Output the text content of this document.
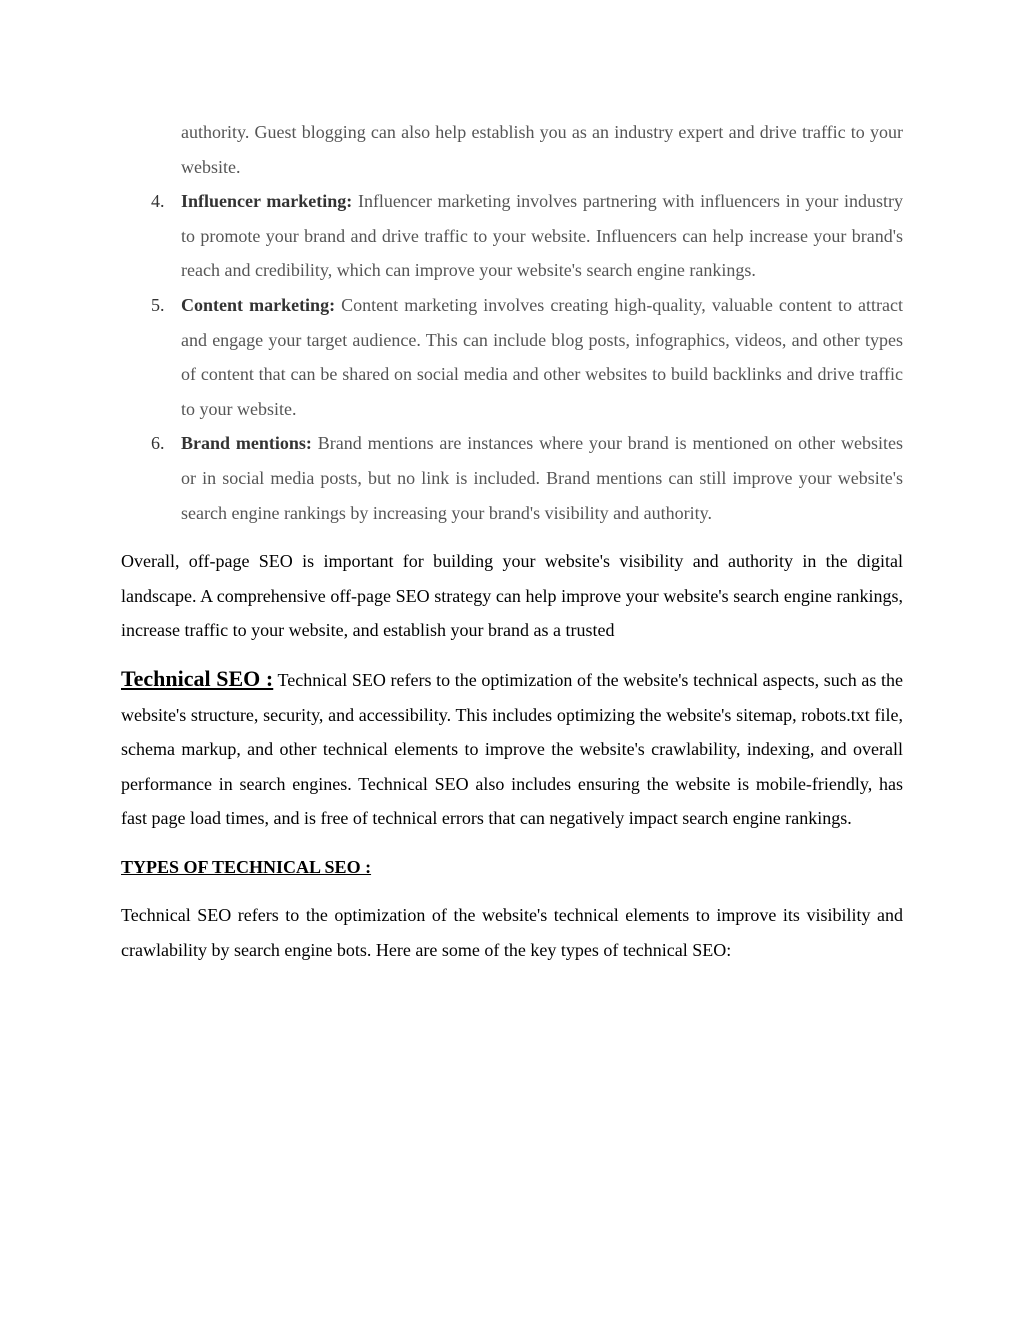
authority. Guest blogging can also help establish you as an industry expert and drive traffic to your website.

4. Influencer marketing: Influencer marketing involves partnering with influencers in your industry to promote your brand and drive traffic to your website. Influencers can help increase your brand's reach and credibility, which can improve your website's search engine rankings.
5. Content marketing: Content marketing involves creating high-quality, valuable content to attract and engage your target audience. This can include blog posts, infographics, videos, and other types of content that can be shared on social media and other websites to build backlinks and drive traffic to your website.
6. Brand mentions: Brand mentions are instances where your brand is mentioned on other websites or in social media posts, but no link is included. Brand mentions can still improve your website's search engine rankings by increasing your brand's visibility and authority.

Overall, off-page SEO is important for building your website's visibility and authority in the digital landscape. A comprehensive off-page SEO strategy can help improve your website's search engine rankings, increase traffic to your website, and establish your brand as a trusted

Technical SEO : Technical SEO refers to the optimization of the website's technical aspects, such as the website's structure, security, and accessibility. This includes optimizing the website's sitemap, robots.txt file, schema markup, and other technical elements to improve the website's crawlability, indexing, and overall performance in search engines. Technical SEO also includes ensuring the website is mobile-friendly, has fast page load times, and is free of technical errors that can negatively impact search engine rankings.

TYPES OF TECHNICAL SEO :

Technical SEO refers to the optimization of the website's technical elements to improve its visibility and crawlability by search engine bots. Here are some of the key types of technical SEO:
